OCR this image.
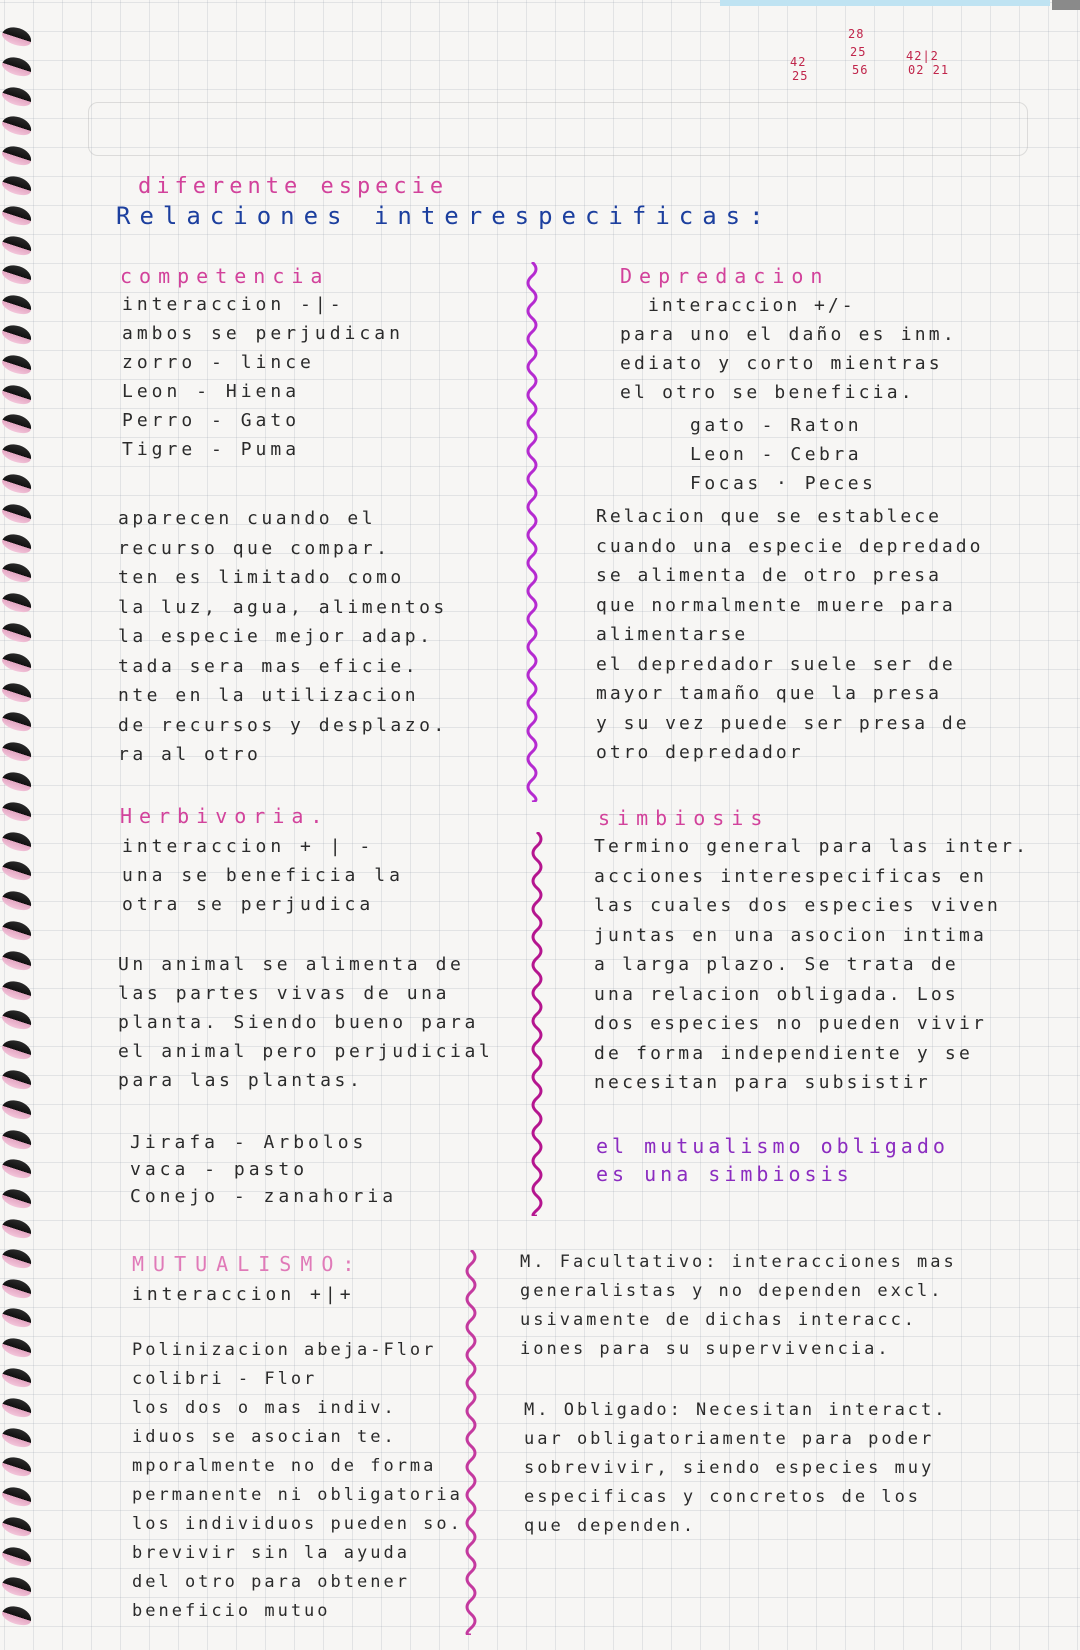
42
25
28
25
56
42|2
02 21
diferente especie
Relaciones interespecificas:
competencia
interaccion -|-
ambos se perjudican
zorro - lince
Leon - Hiena
Perro - Gato
Tigre - Puma
aparecen cuando el
recurso que compar.
ten es limitado como
la luz, agua, alimentos
la especie mejor adap.
tada sera mas eficie.
nte en la utilizacion
de recursos y desplazo.
ra al otro
Depredacion
interaccion +/-
para uno el daño es inm.
ediato y corto mientras
el otro se beneficia.
gato - Raton
Leon - Cebra
Focas · Peces
Relacion que se establece
cuando una especie depredado
se alimenta de otro presa
que normalmente muere para
alimentarse
el depredador suele ser de
mayor tamaño que la presa
y su vez puede ser presa de
otro depredador
Herbivoria.
interaccion + | -
una se beneficia la
otra se perjudica
Un animal se alimenta de
las partes vivas de una
planta. Siendo bueno para
el animal pero perjudicial
para las plantas.
Jirafa - Arbolos
vaca - pasto
Conejo - zanahoria
simbiosis
Termino general para las inter.
acciones interespecificas en
las cuales dos especies viven
juntas en una asocion intima
a larga plazo. Se trata de
una relacion obligada. Los
dos especies no pueden vivir
de forma independiente y se
necesitan para subsistir
el mutualismo obligado
es una simbiosis
MUTUALISMO:
interaccion +|+
Polinizacion abeja-Flor
colibri - Flor
los dos o mas indiv.
iduos se asocian te.
mporalmente no de forma
permanente ni obligatoria
los individuos pueden so.
brevivir sin la ayuda
del otro para obtener
beneficio mutuo
M. Facultativo: interacciones mas
generalistas y no dependen excl.
usivamente de dichas interacc.
iones para su supervivencia.
M. Obligado: Necesitan interact.
uar obligatoriamente para poder
sobrevivir, siendo especies muy
especificas y concretos de los
que dependen.
